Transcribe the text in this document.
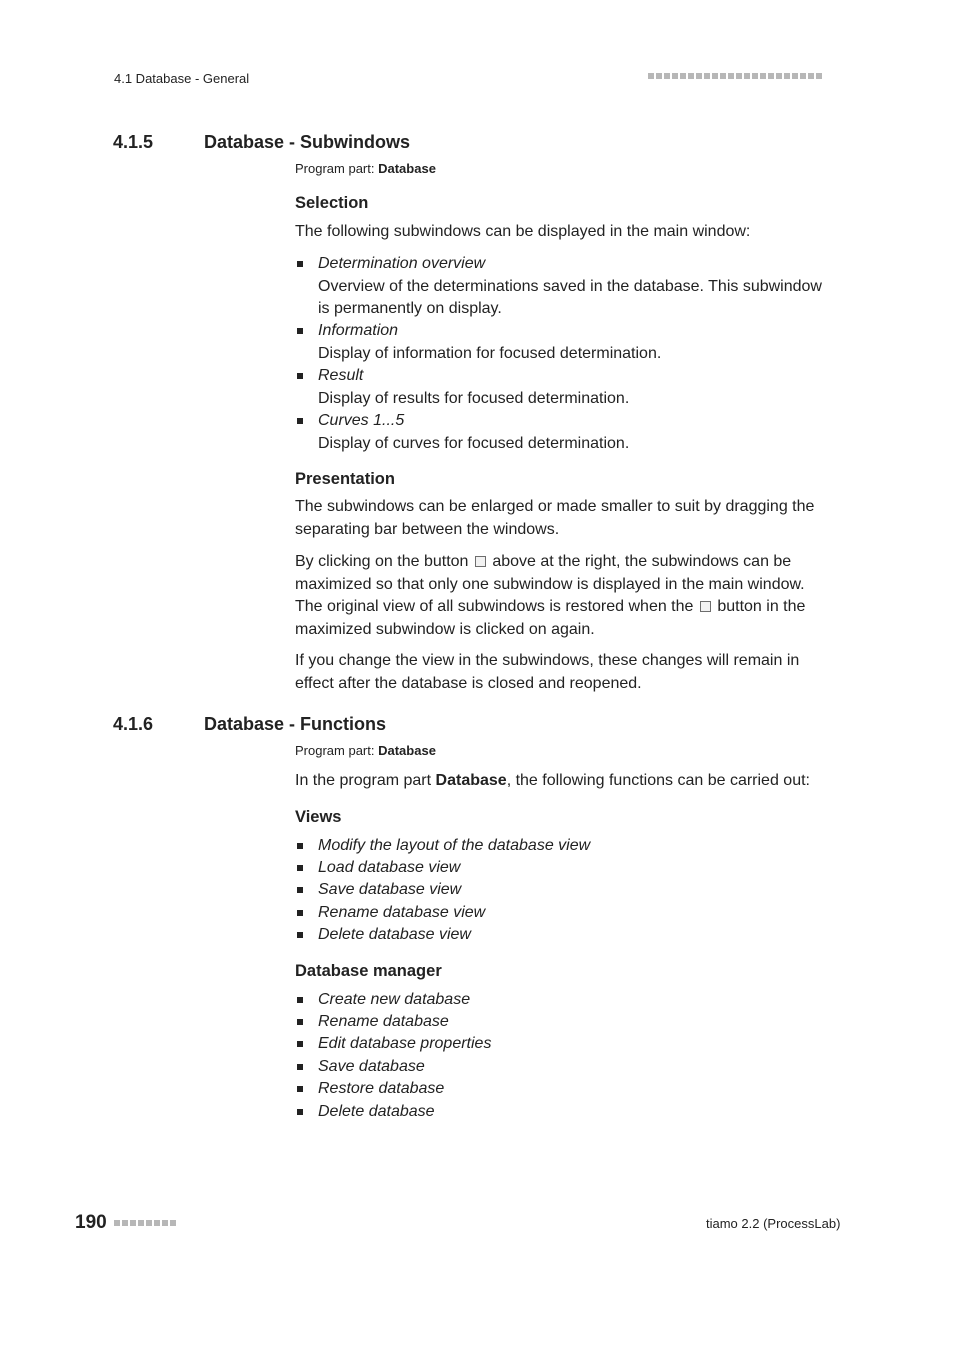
4.1 Database - General
4.1.5	Database - Subwindows
Program part: Database
Selection
The following subwindows can be displayed in the main window:
Determination overview
Overview of the determinations saved in the database. This subwindow is permanently on display.
Information
Display of information for focused determination.
Result
Display of results for focused determination.
Curves 1...5
Display of curves for focused determination.
Presentation
The subwindows can be enlarged or made smaller to suit by dragging the separating bar between the windows.
By clicking on the button above at the right, the subwindows can be maximized so that only one subwindow is displayed in the main window. The original view of all subwindows is restored when the button in the maximized subwindow is clicked on again.
If you change the view in the subwindows, these changes will remain in effect after the database is closed and reopened.
4.1.6	Database - Functions
Program part: Database
In the program part Database, the following functions can be carried out:
Views
Modify the layout of the database view
Load database view
Save database view
Rename database view
Delete database view
Database manager
Create new database
Rename database
Edit database properties
Save database
Restore database
Delete database
190	tiamo 2.2 (ProcessLab)
